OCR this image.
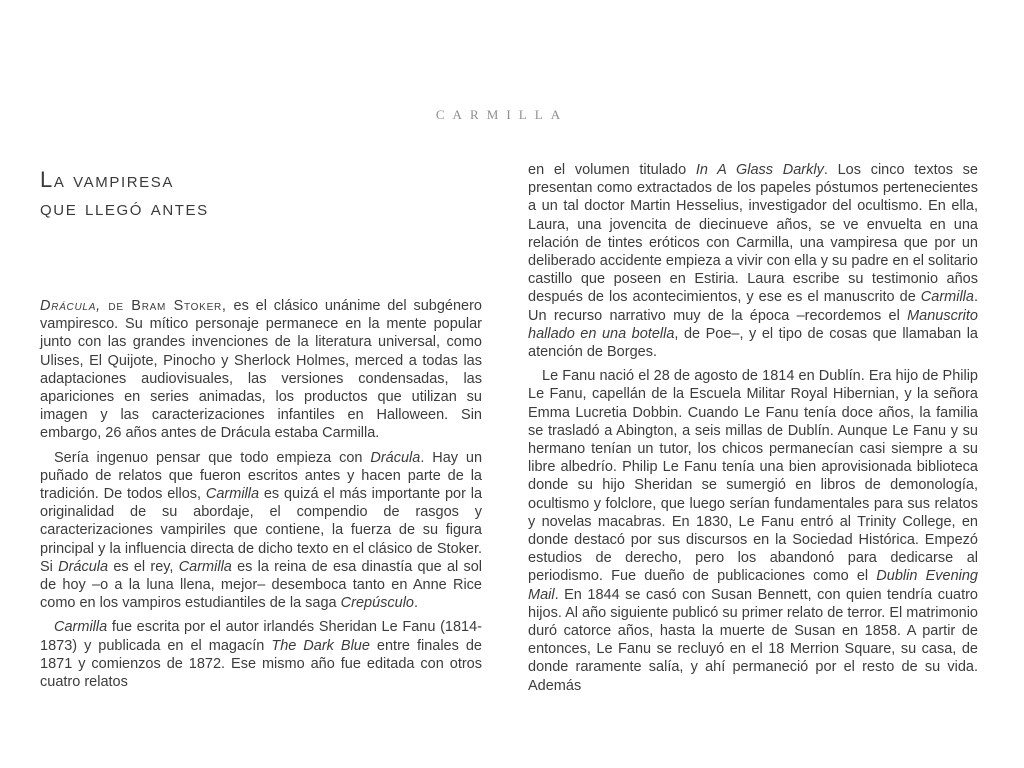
CARMILLA
La vampiresa
que llegó antes

Drácula, de Bram Stoker, es el clásico unánime del subgénero vampiresco. Su mítico personaje permanece en la mente popular junto con las grandes invenciones de la literatura universal, como Ulises, El Quijote, Pinocho y Sherlock Holmes, merced a todas las adaptaciones audiovisuales, las versiones condensadas, las apariciones en series animadas, los productos que utilizan su imagen y las caracterizaciones infantiles en Halloween. Sin embargo, 26 años antes de Drácula estaba Carmilla.

Sería ingenuo pensar que todo empieza con Drácula. Hay un puñado de relatos que fueron escritos antes y hacen parte de la tradición. De todos ellos, Carmilla es quizá el más importante por la originalidad de su abordaje, el compendio de rasgos y caracterizaciones vampiriles que contiene, la fuerza de su figura principal y la influencia directa de dicho texto en el clásico de Stoker. Si Drácula es el rey, Carmilla es la reina de esa dinastía que al sol de hoy –o a la luna llena, mejor– desemboca tanto en Anne Rice como en los vampiros estudiantiles de la saga Crepúsculo.

Carmilla fue escrita por el autor irlandés Sheridan Le Fanu (1814-1873) y publicada en el magacín The Dark Blue entre finales de 1871 y comienzos de 1872. Ese mismo año fue editada con otros cuatro relatos

en el volumen titulado In A Glass Darkly. Los cinco textos se presentan como extractados de los papeles póstumos pertenecientes a un tal doctor Martin Hesselius, investigador del ocultismo. En ella, Laura, una jovencita de diecinueve años, se ve envuelta en una relación de tintes eróticos con Carmilla, una vampiresa que por un deliberado accidente empieza a vivir con ella y su padre en el solitario castillo que poseen en Estiria. Laura escribe su testimonio años después de los acontecimientos, y ese es el manuscrito de Carmilla. Un recurso narrativo muy de la época –recordemos el Manuscrito hallado en una botella, de Poe–, y el tipo de cosas que llamaban la atención de Borges.

Le Fanu nació el 28 de agosto de 1814 en Dublín. Era hijo de Philip Le Fanu, capellán de la Escuela Militar Royal Hibernian, y la señora Emma Lucretia Dobbin. Cuando Le Fanu tenía doce años, la familia se trasladó a Abington, a seis millas de Dublín. Aunque Le Fanu y su hermano tenían un tutor, los chicos permanecían casi siempre a su libre albedrío. Philip Le Fanu tenía una bien aprovisionada biblioteca donde su hijo Sheridan se sumergió en libros de demonología, ocultismo y folclore, que luego serían fundamentales para sus relatos y novelas macabras. En 1830, Le Fanu entró al Trinity College, en donde destacó por sus discursos en la Sociedad Histórica. Empezó estudios de derecho, pero los abandonó para dedicarse al periodismo. Fue dueño de publicaciones como el Dublin Evening Mail. En 1844 se casó con Susan Bennett, con quien tendría cuatro hijos. Al año siguiente publicó su primer relato de terror. El matrimonio duró catorce años, hasta la muerte de Susan en 1858. A partir de entonces, Le Fanu se recluyó en el 18 Merrion Square, su casa, de donde raramente salía, y ahí permaneció por el resto de su vida. Además
